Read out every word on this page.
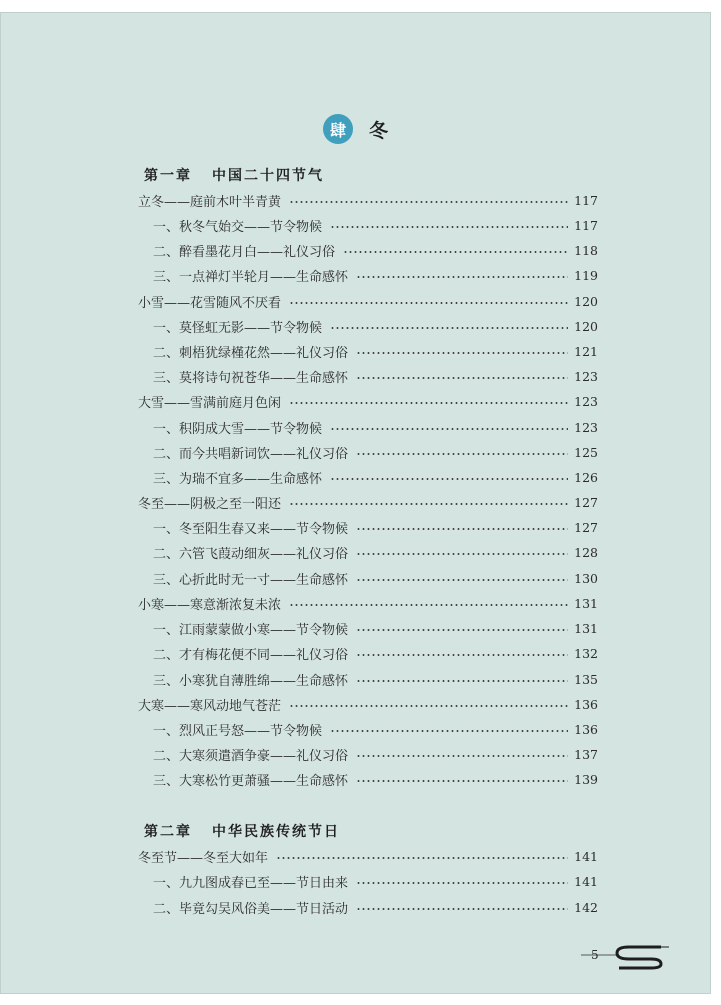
肆	冬
第一章 中国二十四节气
立冬——庭前木叶半青黄	117
一、秋冬气始交——节令物候	117
二、醉看墨花月白——礼仪习俗	118
三、一点禅灯半轮月——生命感怀	119
小雪——花雪随风不厌看	120
一、莫怪虹无影——节令物候	120
二、刺梧犹绿槿花然——礼仪习俗	121
三、莫将诗句祝苍华——生命感怀	123
大雪——雪满前庭月色闲	123
一、积阴成大雪——节令物候	123
二、而今共唱新词饮——礼仪习俗	125
三、为瑞不宜多——生命感怀	126
冬至——阴极之至一阳还	127
一、冬至阳生春又来——节令物候	127
二、六管飞葭动细灰——礼仪习俗	128
三、心折此时无一寸——生命感怀	130
小寒——寒意渐浓复未浓	131
一、江雨蒙蒙做小寒——节令物候	131
二、才有梅花便不同——礼仪习俗	132
三、小寒犹自薄胜绵——生命感怀	135
大寒——寒风动地气苍茫	136
一、烈风正号怒——节令物候	136
二、大寒须遣酒争豪——礼仪习俗	137
三、大寒松竹更萧骚——生命感怀	139
第二章 中华民族传统节日
冬至节——冬至大如年	141
一、九九图成春已至——节日由来	141
二、毕竟勾吴风俗美——节日活动	142
5
